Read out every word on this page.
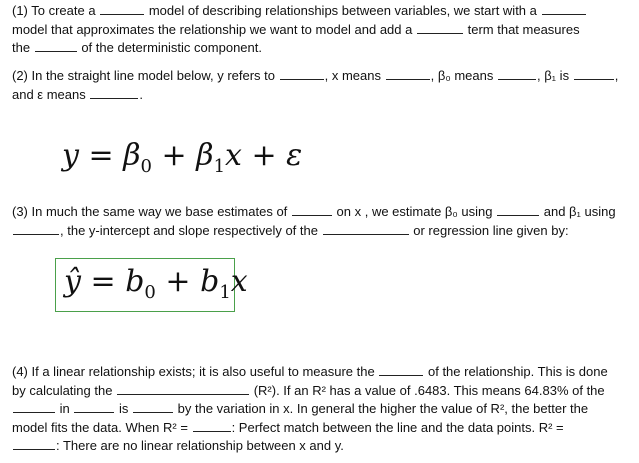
(1) To create a	model of describing relationships between variables, we start with a
model that approximates the relationship we want to model and add a	term that measures
the	of the deterministic component.
(2) In the straight line model below, y refers to	, x means	, β₀ means	, β₁ is	,
and ε means	.
$y = \beta_0 + \beta_1x + \varepsilon$
(3) In much the same way we base estimates of	on x , we estimate β₀ using	and β₁ using
, the y-intercept and slope respectively of the	or regression line given by:
ŷ = $b_0 + b_1x$
(4) If a linear relationship exists; it is also useful to measure the	of the relationship. This is done
by calculating the	(R²). If an R² has a value of .6483. This means 64.83% of the
in	is	by the variation in x. In general the higher the value of R², the better the
model fits the data. When R² =	: Perfect match between the line and the data points. R² =
: There are no linear relationship between x and y.
